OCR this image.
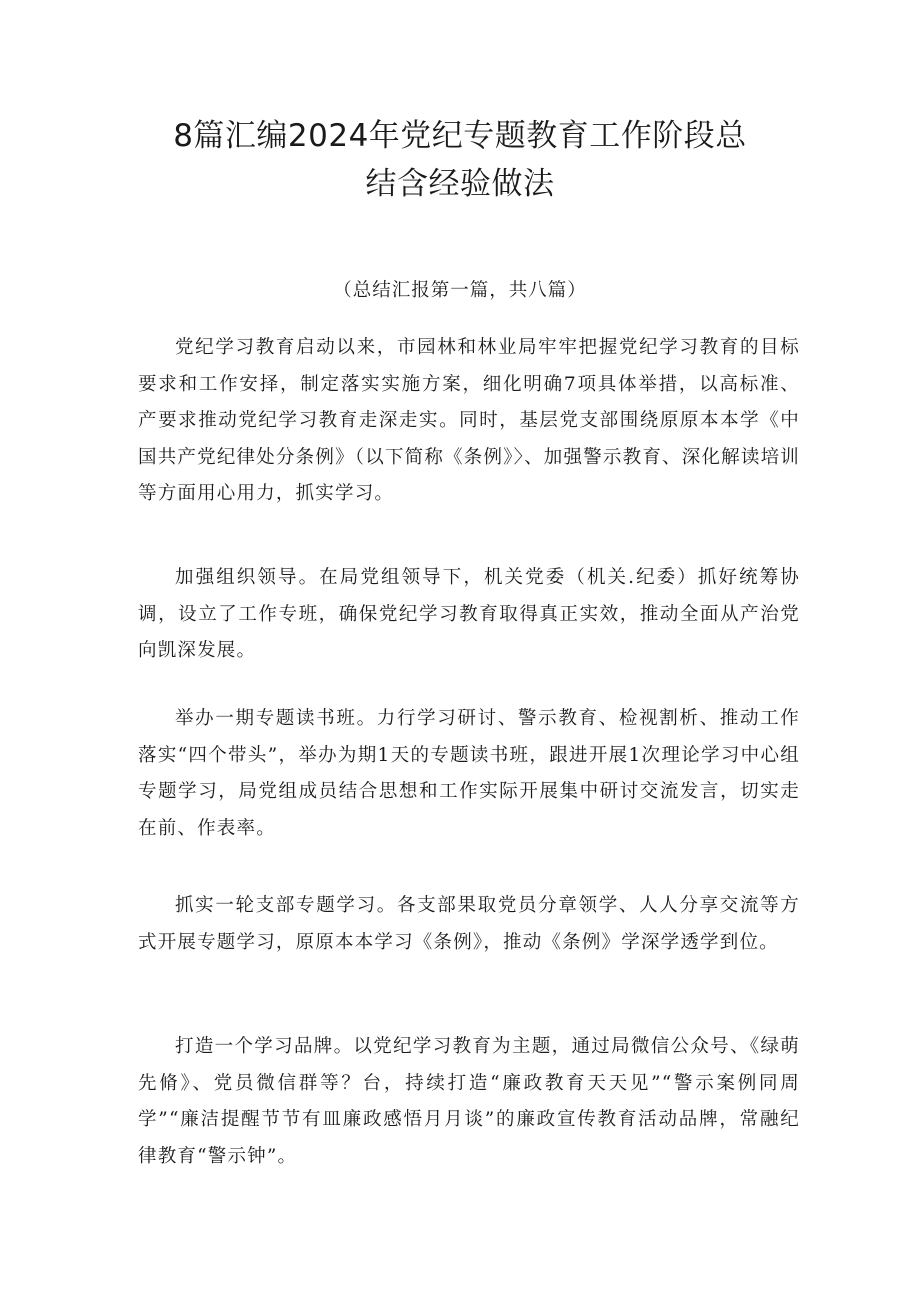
8篇汇编2024年党纪专题教育工作阶段总
结含经验做法
（总结汇报第一篇，共八篇）

党纪学习教育启动以来，市园林和林业局牢牢把握党纪学习教育的目标要求和工作安择，制定落实实施方案，细化明确7项具体举措，以高标准、产要求推动党纪学习教育走深走实。同时，基层党支部围绕原原本本学《中国共产党纪律处分条例》（以下简称《条例》〉、加强警示教育、深化解读培训等方面用心用力，抓实学习。

加强组织领导。在局党组领导下，机关党委（机关.纪委）抓好统筹协调，设立了工作专班，确保党纪学习教育取得真正实效，推动全面从产治党向凯深发展。

举办一期专题读书班。力行学习研讨、警示教育、检视割析、推动工作落实“四个带头”，举办为期1天的专题读书班，跟进开展1次理论学习中心组专题学习，局党组成员结合思想和工作实际开展集中研讨交流发言，切实走在前、作表率。

抓实一轮支部专题学习。各支部果取党员分章领学、人人分享交流等方式开展专题学习，原原本本学习《条例》，推动《条例》学深学透学到位。

打造一个学习品牌。以党纪学习教育为主题，通过局微信公众号、《绿萌先脩》、党员微信群等？台，持续打造“廉政教育天天见”“警示案例同周学”“廉洁提醒节节有皿廉政感悟月月谈”的廉政宣传教育活动品牌，常融纪律教育“警示钟”。
